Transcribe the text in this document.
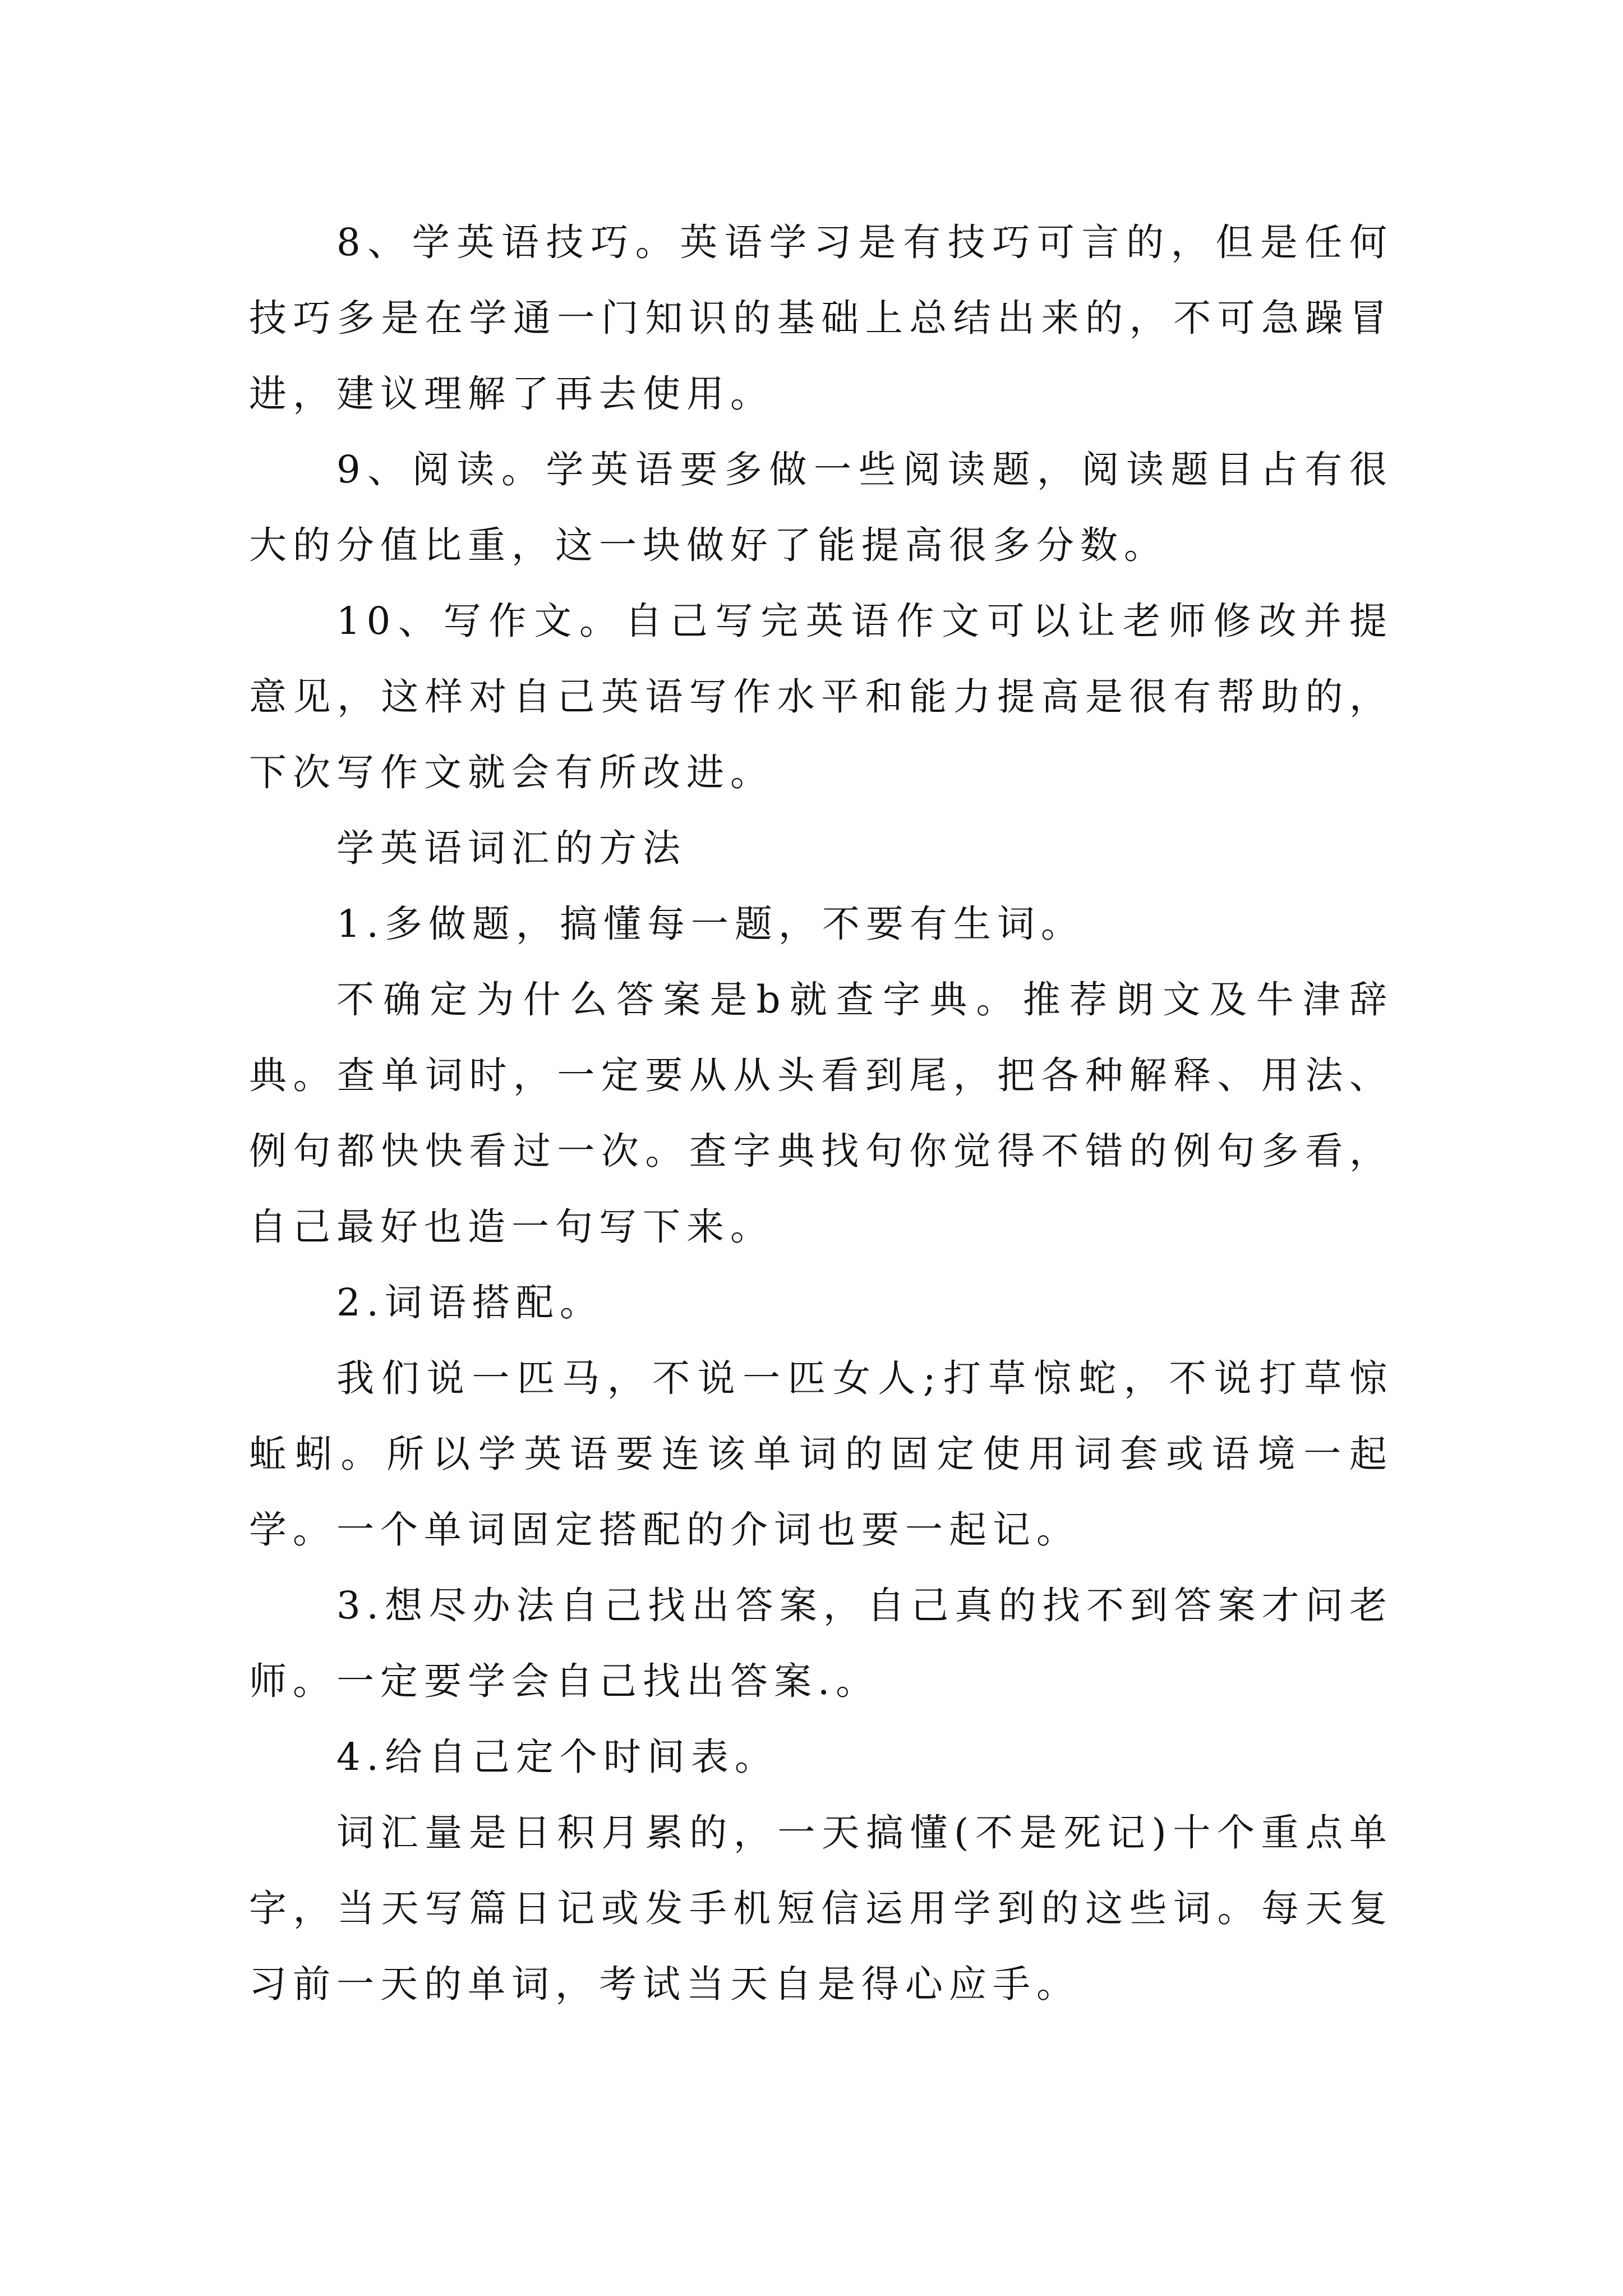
8、学英语技巧。英语学习是有技巧可言的，但是任何技巧多是在学通一门知识的基础上总结出来的，不可急躁冒进，建议理解了再去使用。

9、阅读。学英语要多做一些阅读题，阅读题目占有很大的分值比重，这一块做好了能提高很多分数。

10、写作文。自己写完英语作文可以让老师修改并提意见，这样对自己英语写作水平和能力提高是很有帮助的，下次写作文就会有所改进。

学英语词汇的方法

1.多做题，搞懂每一题，不要有生词。

不确定为什么答案是b就查字典。推荐朗文及牛津辞典。查单词时，一定要从从头看到尾，把各种解释、用法、例句都快快看过一次。查字典找句你觉得不错的例句多看，自己最好也造一句写下来。

2.词语搭配。

我们说一匹马，不说一匹女人;打草惊蛇，不说打草惊蚯蚓。所以学英语要连该单词的固定使用词套或语境一起学。一个单词固定搭配的介词也要一起记。

3.想尽办法自己找出答案，自己真的找不到答案才问老师。一定要学会自己找出答案.。

4.给自己定个时间表。

词汇量是日积月累的，一天搞懂(不是死记)十个重点单字，当天写篇日记或发手机短信运用学到的这些词。每天复习前一天的单词，考试当天自是得心应手。
